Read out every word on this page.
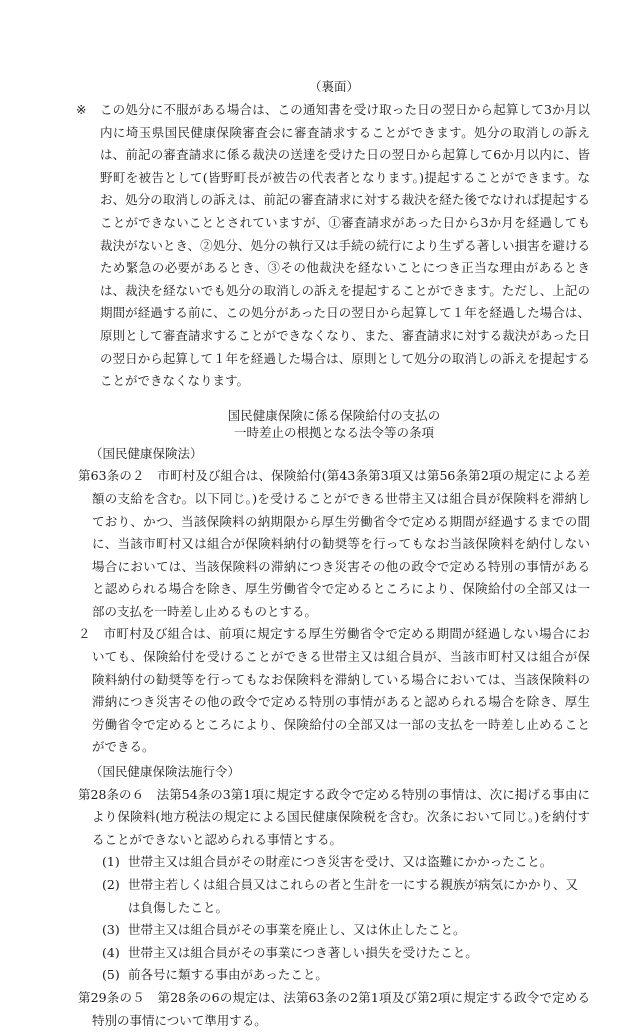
（裏面）
※ この処分に不服がある場合は、この通知書を受け取った日の翌日から起算して3か月以内に埼玉県国民健康保険審査会に審査請求することができます。処分の取消しの訴えは、前記の審査請求に係る裁決の送達を受けた日の翌日から起算して6か月以内に、皆野町を被告として(皆野町長が被告の代表者となります。)提起することができます。なお、処分の取消しの訴えは、前記の審査請求に対する裁決を経た後でなければ提起することができないこととされていますが、①審査請求があった日から3か月を経過しても裁決がないとき、②処分、処分の執行又は手続の続行により生ずる著しい損害を避けるため緊急の必要があるとき、③その他裁決を経ないことにつき正当な理由があるときは、裁決を経ないでも処分の取消しの訴えを提起することができます。ただし、上記の期間が経過する前に、この処分があった日の翌日から起算して１年を経過した場合は、原則として審査請求することができなくなり、また、審査請求に対する裁決があった日の翌日から起算して１年を経過した場合は、原則として処分の取消しの訴えを提起することができなくなります。
国民健康保険に係る保険給付の支払の
一時差止の根拠となる法令等の条項
（国民健康保険法）
第63条の２　市町村及び組合は、保険給付(第43条第3項又は第56条第2項の規定による差額の支給を含む。以下同じ。)を受けることができる世帯主又は組合員が保険料を滞納しており、かつ、当該保険料の納期限から厚生労働省令で定める期間が経過するまでの間に、当該市町村又は組合が保険料納付の勧奨等を行ってもなお当該保険料を納付しない場合においては、当該保険料の滞納につき災害その他の政令で定める特別の事情があると認められる場合を除き、厚生労働省令で定めるところにより、保険給付の全部又は一部の支払を一時差し止めるものとする。
２　市町村及び組合は、前項に規定する厚生労働省令で定める期間が経過しない場合においても、保険給付を受けることができる世帯主又は組合員が、当該市町村又は組合が保険料納付の勧奨等を行ってもなお保険料を滞納している場合においては、当該保険料の滞納につき災害その他の政令で定める特別の事情があると認められる場合を除き、厚生労働省令で定めるところにより、保険給付の全部又は一部の支払を一時差し止めることができる。
（国民健康保険法施行令）
第28条の６　法第54条の3第1項に規定する政令で定める特別の事情は、次に掲げる事由により保険料(地方税法の規定による国民健康保険税を含む。次条において同じ。)を納付することができないと認められる事情とする。
(1) 世帯主又は組合員がその財産につき災害を受け、又は盗難にかかったこと。
(2) 世帯主若しくは組合員又はこれらの者と生計を一にする親族が病気にかかり、又は負傷したこと。
(3) 世帯主又は組合員がその事業を廃止し、又は休止したこと。
(4) 世帯主又は組合員がその事業につき著しい損失を受けたこと。
(5) 前各号に類する事由があったこと。
第29条の５　第28条の6の規定は、法第63条の2第1項及び第2項に規定する政令で定める特別の事情について準用する。
